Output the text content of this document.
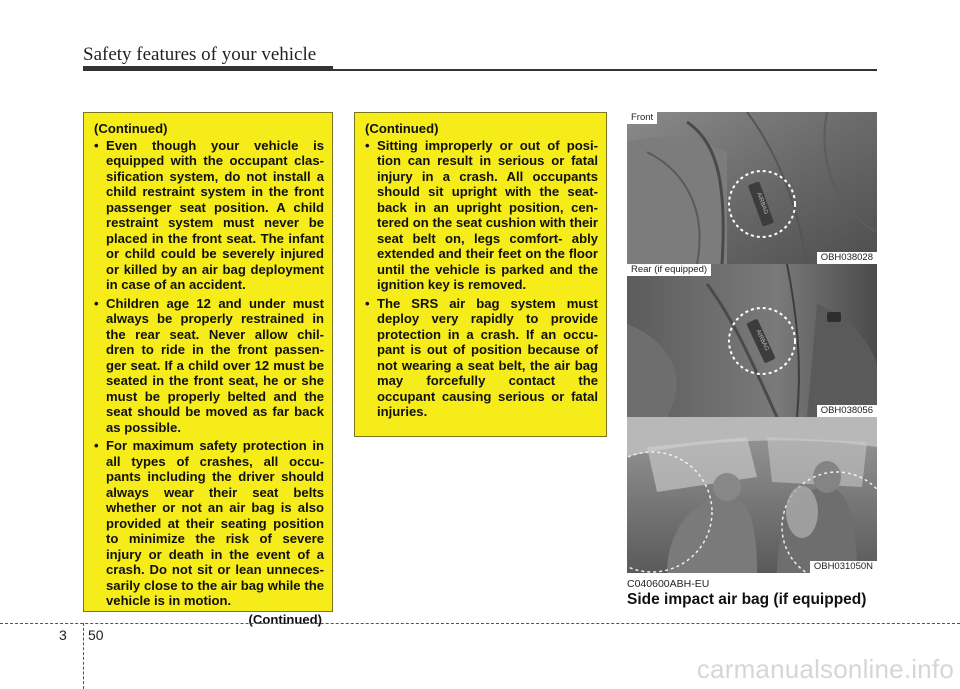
Safety features of your vehicle
(Continued)
• Even though your vehicle is equipped with the occupant clas- sification system, do not install a child restraint system in the front passenger seat position. A child restraint system must never be placed in the front seat. The infant or child could be severely injured or killed by an air bag deployment in case of an accident.
• Children age 12 and under must always be properly restrained in the rear seat. Never allow chil- dren to ride in the front passen- ger seat. If a child over 12 must be seated in the front seat, he or she must be properly belted and the seat should be moved as far back as possible.
• For maximum safety protection in all types of crashes, all occu- pants including the driver should always wear their seat belts whether or not an air bag is also provided at their seating position to minimize the risk of severe injury or death in the event of a crash. Do not sit or lean unneces- sarily close to the air bag while the vehicle is in motion.
(Continued)
(Continued)
• Sitting improperly or out of posi- tion can result in serious or fatal injury in a crash. All occupants should sit upright with the seat- back in an upright position, cen- tered on the seat cushion with their seat belt on, legs comfort- ably extended and their feet on the floor until the vehicle is parked and the ignition key is removed.
• The SRS air bag system must deploy very rapidly to provide protection in a crash. If an occu- pant is out of position because of not wearing a seat belt, the air bag may forcefully contact the occupant causing serious or fatal injuries.
AIRBAG
Front
OBH038028
AIRBAG
Rear (if equipped)
OBH038056
OBH031050N
C040600ABH-EU
Side impact air bag (if equipped)
3 50
carmanualsonline.info
